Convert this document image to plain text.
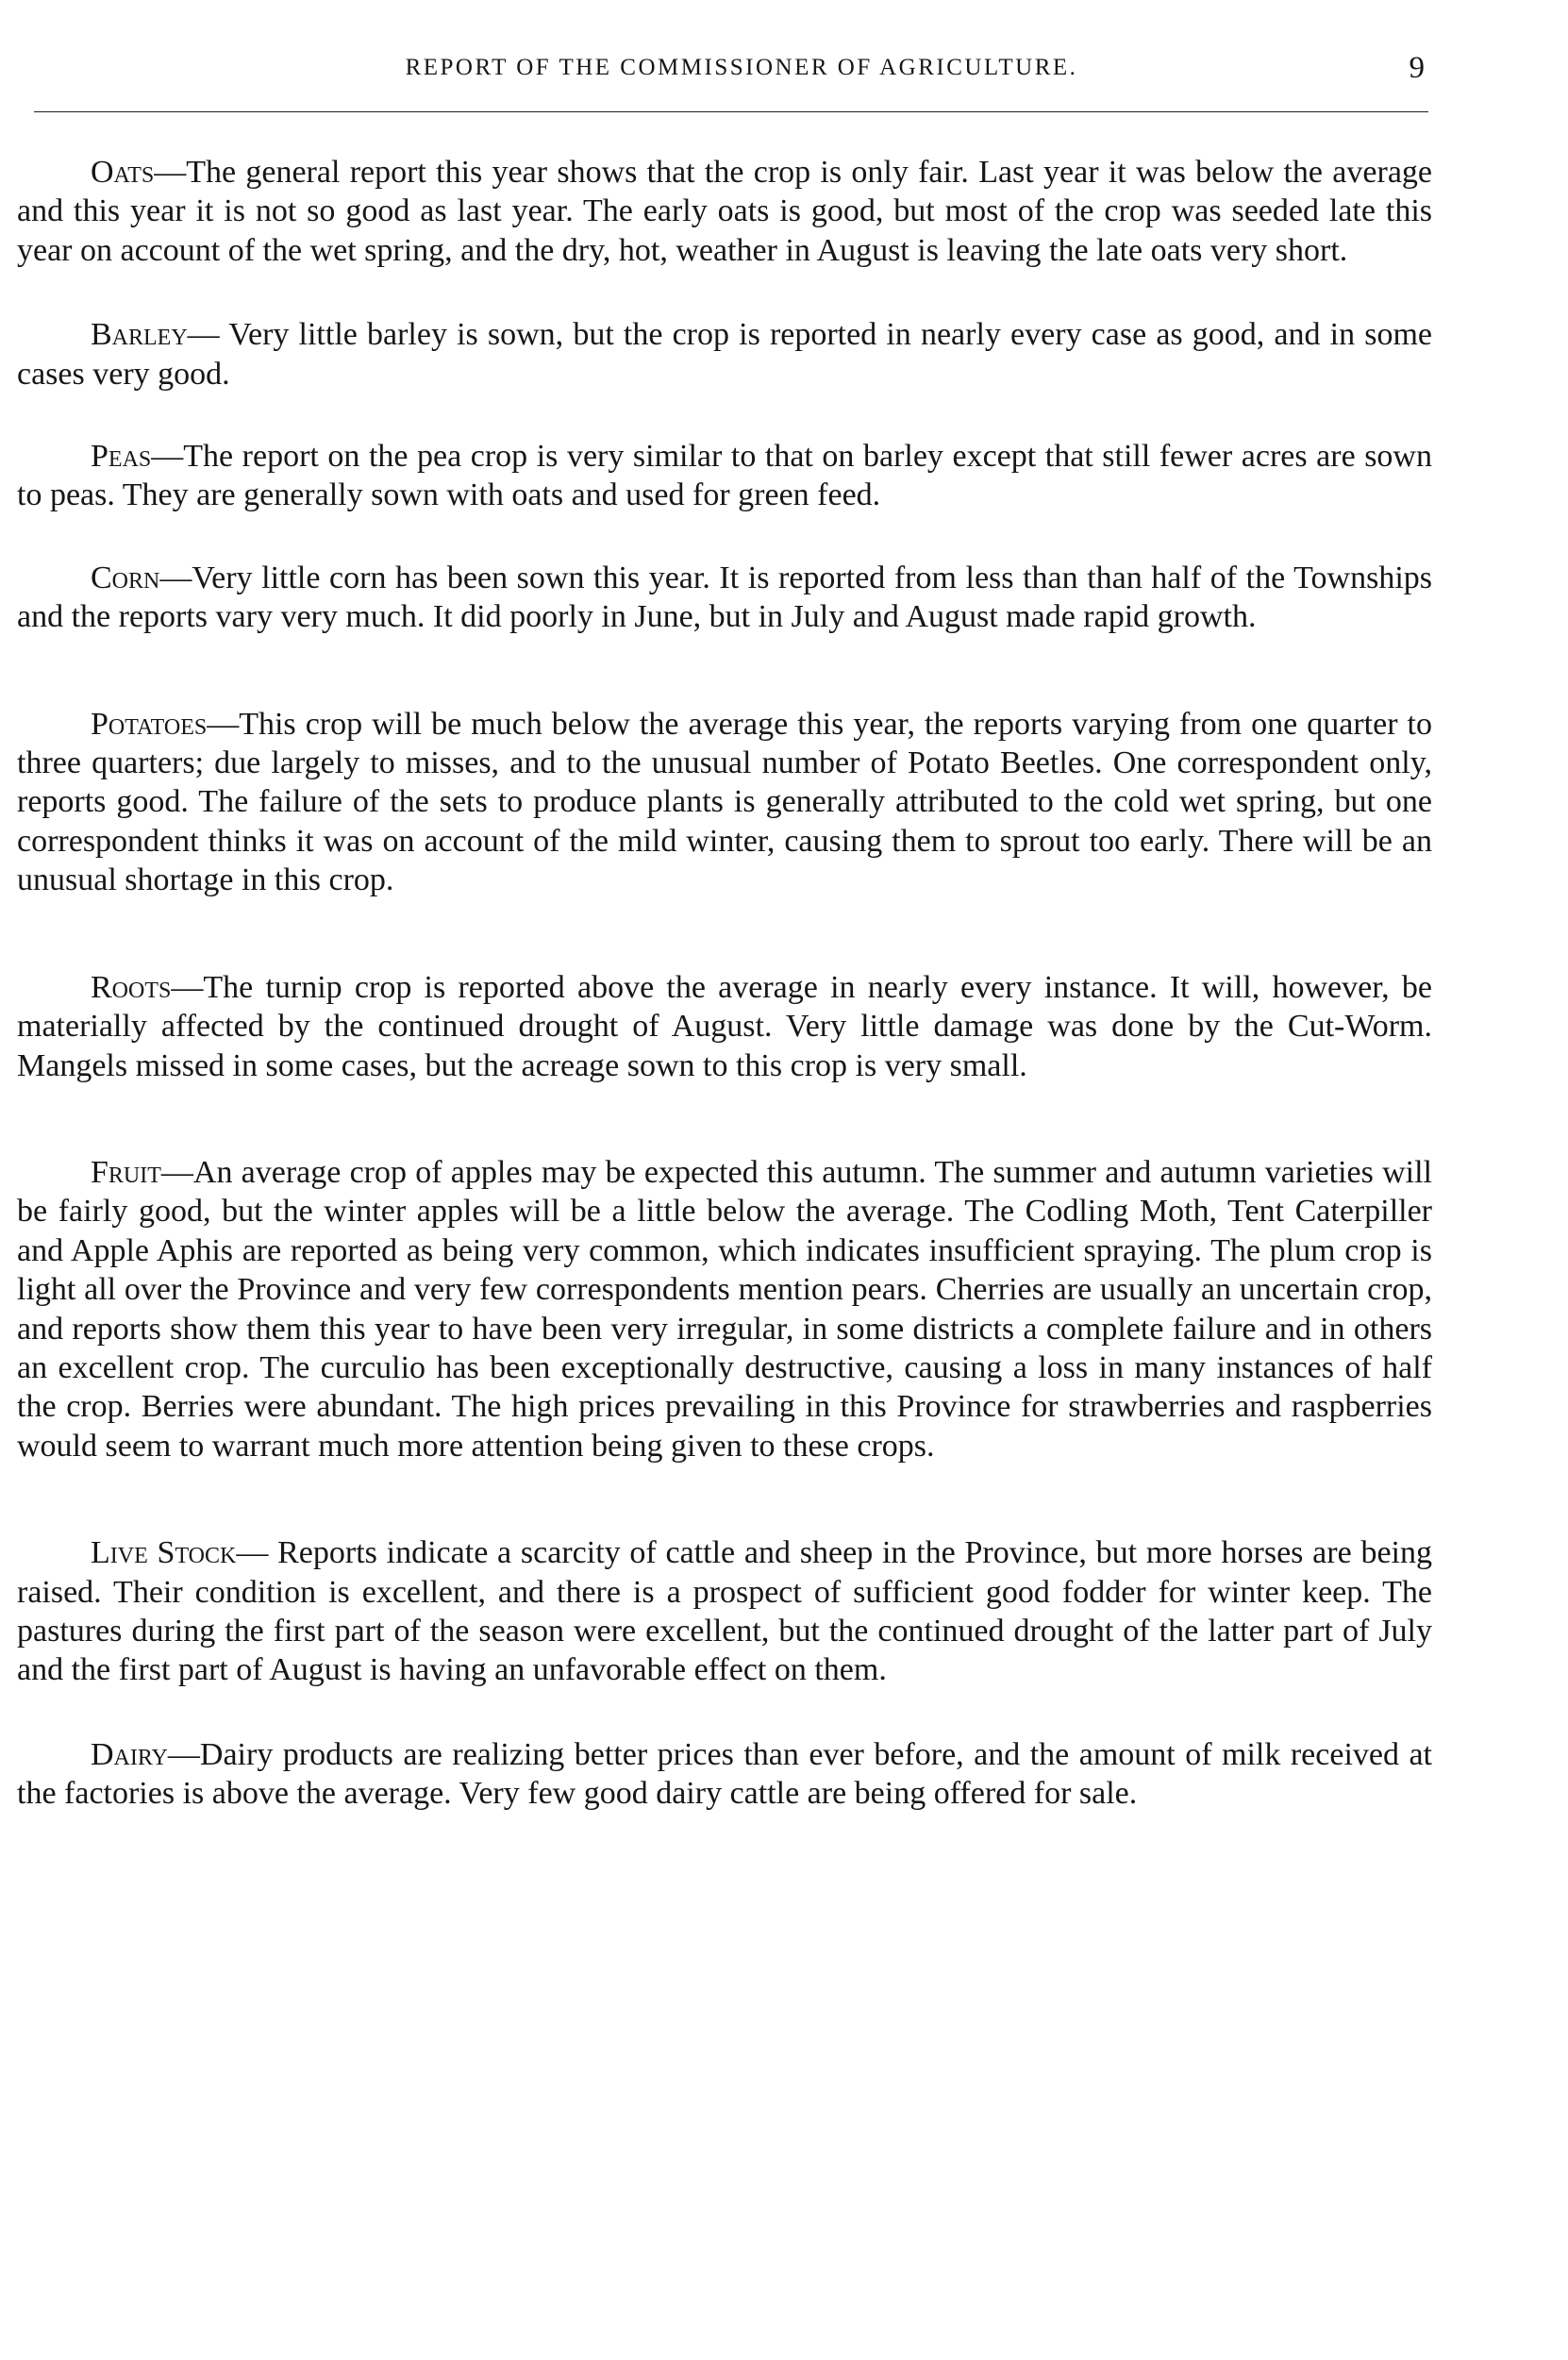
REPORT OF THE COMMISSIONER OF AGRICULTURE.	9

Oats—The general report this year shows that the crop is only fair. Last year it was below the average and this year it is not so good as last year. The early oats is good, but most of the crop was seeded late this year on account of the wet spring, and the dry, hot, weather in August is leaving the late oats very short.

Barley— Very little barley is sown, but the crop is reported in nearly every case as good, and in some cases very good.

Peas—The report on the pea crop is very similar to that on barley except that still fewer acres are sown to peas. They are generally sown with oats and used for green feed.

Corn—Very little corn has been sown this year. It is reported from less than than half of the Townships and the reports vary very much. It did poorly in June, but in July and August made rapid growth.

Potatoes—This crop will be much below the average this year, the reports varying from one quarter to three quarters; due largely to misses, and to the unusual number of Potato Beetles. One correspondent only, reports good. The failure of the sets to produce plants is generally attributed to the cold wet spring, but one correspondent thinks it was on account of the mild winter, causing them to sprout too early. There will be an unusual shortage in this crop.

Roots—The turnip crop is reported above the average in nearly every instance. It will, however, be materially affected by the continued drought of August. Very little damage was done by the Cut-Worm. Mangels missed in some cases, but the acreage sown to this crop is very small.

Fruit—An average crop of apples may be expected this autumn. The summer and autumn varieties will be fairly good, but the winter apples will be a little below the average. The Codling Moth, Tent Caterpiller and Apple Aphis are reported as being very common, which indicates insufficient spraying. The plum crop is light all over the Province and very few correspondents mention pears. Cherries are usually an uncertain crop, and reports show them this year to have been very irregular, in some districts a complete failure and in others an excellent crop. The curculio has been exceptionally destructive, causing a loss in many instances of half the crop. Berries were abundant. The high prices prevailing in this Province for strawberries and raspberries would seem to warrant much more attention being given to these crops.

Live Stock— Reports indicate a scarcity of cattle and sheep in the Province, but more horses are being raised. Their condition is excellent, and there is a prospect of sufficient good fodder for winter keep. The pastures during the first part of the season were excellent, but the continued drought of the latter part of July and the first part of August is having an unfavorable effect on them.

Dairy—Dairy products are realizing better prices than ever before, and the amount of milk received at the factories is above the average. Very few good dairy cattle are being offered for sale.
